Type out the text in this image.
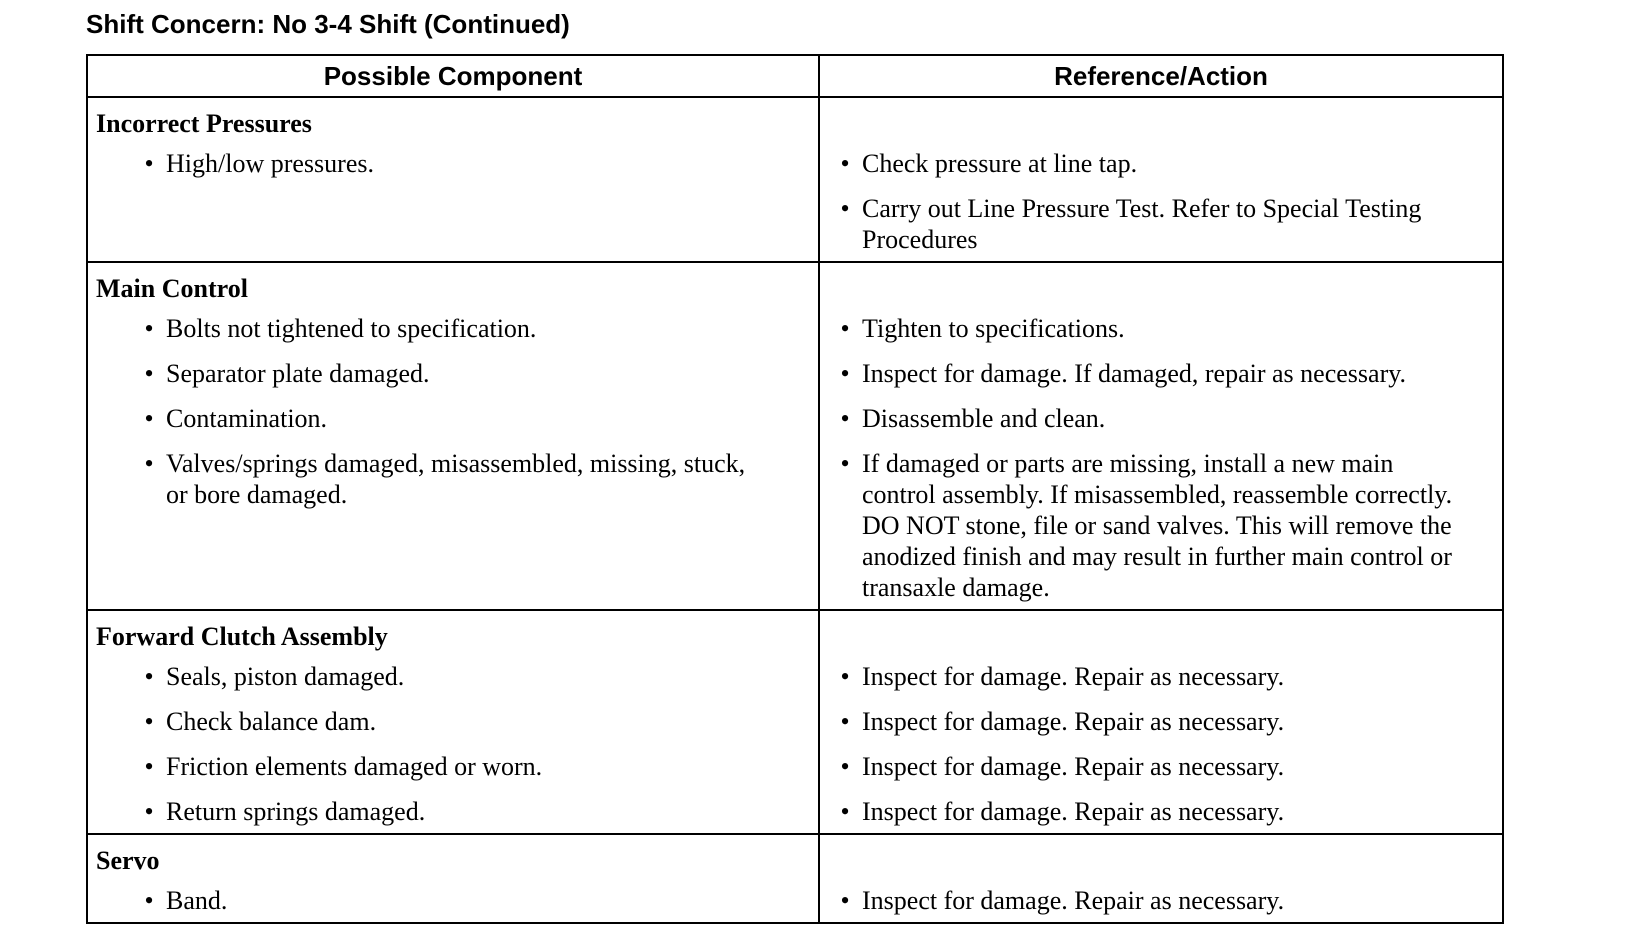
Shift Concern: No 3-4 Shift (Continued)
Possible Component	Reference/Action
Incorrect Pressures	

• High/low pressures.	• Check pressure at line tap.

	• Carry out Line Pressure Test. Refer to Special Testing Procedures

Main Control	

• Bolts not tightened to specification.	• Tighten to specifications.

• Separator plate damaged.	• Inspect for damage. If damaged, repair as necessary.

• Contamination.	• Disassemble and clean.

• Valves/springs damaged, misassembled, missing, stuck, or bore damaged.	• If damaged or parts are missing, install a new main control assembly. If misassembled, reassemble correctly. DO NOT stone, file or sand valves. This will remove the anodized finish and may result in further main control or transaxle damage.

Forward Clutch Assembly	

• Seals, piston damaged.	• Inspect for damage. Repair as necessary.

• Check balance dam.	• Inspect for damage. Repair as necessary.

• Friction elements damaged or worn.	• Inspect for damage. Repair as necessary.

• Return springs damaged.	• Inspect for damage. Repair as necessary.

Servo	

• Band.	• Inspect for damage. Repair as necessary.
